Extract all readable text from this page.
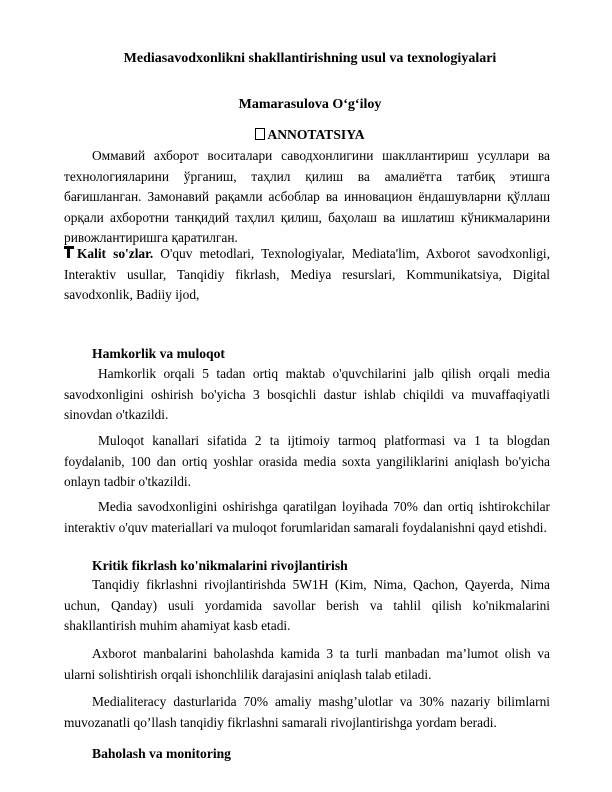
Mediasavodxonlikni shakllantirishning usul va texnologiyalari
Mamarasulova O‘g‘iloy
ANNOTATSIYA

Оммавий ахборот воситалари саводхонлигини шакллантириш усуллари ва технологияларини ўрганиш, таҳлил қилиш ва амалиётга татбиқ этишга бағишланган. Замонавий рақамли асбоблар ва инновацион ёндашувларни қўллаш орқали ахборотни танқидий таҳлил қилиш, баҳолаш ва ишлатиш кўникмаларини ривожлантиришга қаратилган.

Kalit so'zlar. O'quv metodlari, Texnologiyalar, Mediata'lim, Axborot savodxonligi, Interaktiv usullar, Tanqidiy fikrlash, Mediya resurslari, Kommunikatsiya, Digital savodxonlik, Badiiy ijod,

Hamkorlik va muloqot

Hamkorlik orqali 5 tadan ortiq maktab o'quvchilarini jalb qilish orqali media savodxonligini oshirish bo'yicha 3 bosqichli dastur ishlab chiqildi va muvaffaqiyatli sinovdan o'tkazildi.

Muloqot kanallari sifatida 2 ta ijtimoiy tarmoq platformasi va 1 ta blogdan foydalanib, 100 dan ortiq yoshlar orasida media soxta yangiliklarini aniqlash bo'yicha onlayn tadbir o'tkazildi.

Media savodxonligini oshirishga qaratilgan loyihada 70% dan ortiq ishtirokchilar interaktiv o'quv materiallari va muloqot forumlaridan samarali foydalanishni qayd etishdi.

Kritik fikrlash ko'nikmalarini rivojlantirish

Tanqidiy fikrlashni rivojlantirishda 5W1H (Kim, Nima, Qachon, Qayerda, Nima uchun, Qanday) usuli yordamida savollar berish va tahlil qilish ko'nikmalarini shakllantirish muhim ahamiyat kasb etadi.

Axborot manbalarini baholashda kamida 3 ta turli manbadan ma’lumot olish va ularni solishtirish orqali ishonchlilik darajasini aniqlash talab etiladi.

Medialiteracy dasturlarida 70% amaliy mashg’ulotlar va 30% nazariy bilimlarni muvozanatli qo’llash tanqidiy fikrlashni samarali rivojlantirishga yordam beradi.

Baholash va monitoring
